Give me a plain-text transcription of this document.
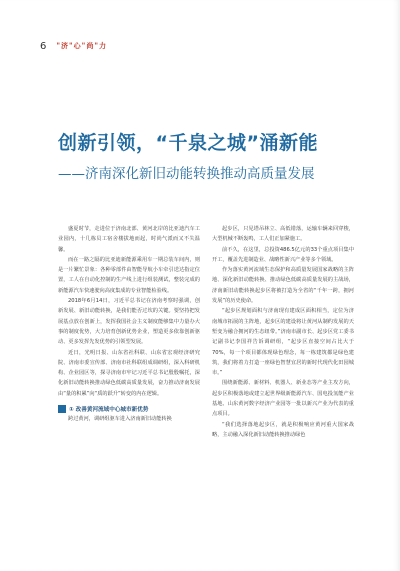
6 "济"心"尚"力
创新引领，“千泉之城”涌新能
——济南深化新旧动能转换推动高质量发展

盛夏时节，走进位于济南北部、黄河北岸的比亚迪汽车工业园内，十几栋员工宿舍楼拔地而起，时尚气派而又不失温馨。

而在一路之隔的比亚迪新能源乘用车一期总装车间内，则是一片繁忙景象：各种零部件由智能导航小车牵引送达指定位置，工人在自动化控制的生产线上进行组装测试，整装完成的新能源汽车快速驶向高度集成的专业智能检验线。

2018年6月14日，习近平总书记在济南考察时强调，创新发展、新旧动能转换，是我们能否过坎的关键。要坚持把发展基点放在创新上，发挥我国社会主义制度能够集中力量办大事的制度优势，大力培育创新优势企业，塑造更多依靠创新驱动、更多发挥先发优势的引领型发展。

近日，光明日报、山东省社科联、山东省宏观经济研究院、济南市委宣传部、济南市社科联组成调研组，深入科研机构、企业园区等，探寻济南市牢记习近平总书记殷殷嘱托，深化新旧动能转换推动绿色低碳高质量发展，奋力推动济南发展由“量的积累”向“质的跃升”转变的内在逻辑。

① 改善黄河流域中心城市新优势

跨过黄河，调研组驱车进入济南新旧动能转换

起步区，只见塔吊林立、高低错落，运输车辆来回穿梭，大型机械不断轰鸣，工人们正加紧施工。

前不久，在这里，总投资486.5亿元的33个重点项目集中开工，覆盖先进制造业、战略性新兴产业等多个领域。

作为落实黄河流域生态保护和高质量发展国家战略的主阵地、深化新旧动能转换、推动绿色低碳高质量发展的主战场，济南新旧动能转换起步区将被打造为全省的“千年一跨，拥河发展”的历史使命。

“起步区规划面积与济南现有建成区面积相当，定位为济南城市拓展的主阵地，起步区的建设将让黄河从制约发展的天堑变为融合拥河的生态纽带。”济南市副市长、起步区党工委书记副书记李国祥告诉调研组，“起步区直接空间占比大于70%，每一个项目都体现绿色理念，每一栋建筑都是绿色建筑，我们将着力打造一座绿色智慧宜居的新时代现代化田园城市。”

围绕新能源、新材料、机器人、新业态等产业主攻方向，起步区积极落地或建立起世界级新能源汽车、国电投氢能产业基地、山东黄河数字经济产业园等一批以新兴产业为代表的重点项目。

“我们选择落地起步区，就是积极响应黄河重大国家战略，主动融入深化新旧动能转换推动绿色
